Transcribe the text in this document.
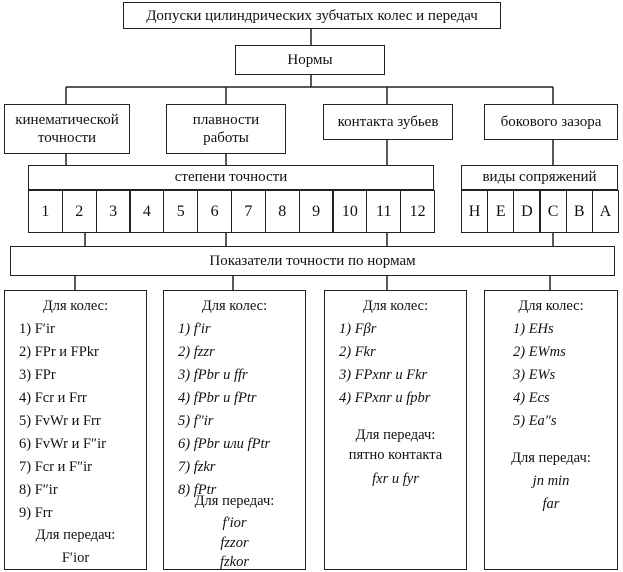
Допуски цилиндрических зубчатых колес и передач
Нормы
кинематической
точности
плавности
работы
контакта зубьев	бокового зазора
степени точности
1	2	3	4	5	6	7	8	9	10	11	12
виды сопряжений
H E D C B A
Показатели точности по нормам
Для колес:
1) F′ir
2) FPr и FPkr
3) FPr
4) Fcr и Frr
5) FvWr и Frr
6) FvWr и F″ir
7) Fcr и F″ir
8) F″ir
9) Frr
Для передач:
F′ior
Для колес:
1) f′ir
2) fzzr
3) fPbr и ffr
4) fPbr и fPtr
5) f″ir
6) fPbr или fPtr
7) fzkr
8) fPtr
Для передач:
f′ior
fzzor
fzkor
Для колес:
1) Fβr
2) Fkr
3) FPxnr и Fkr
4) FPxnr и fpbr
Для передач:
пятно контакта
fxr и fyr
Для колес:
1) EHs
2) EWms
3) EWs
4) Ecs
5) Ea″s
Для передач:
jn min
far
